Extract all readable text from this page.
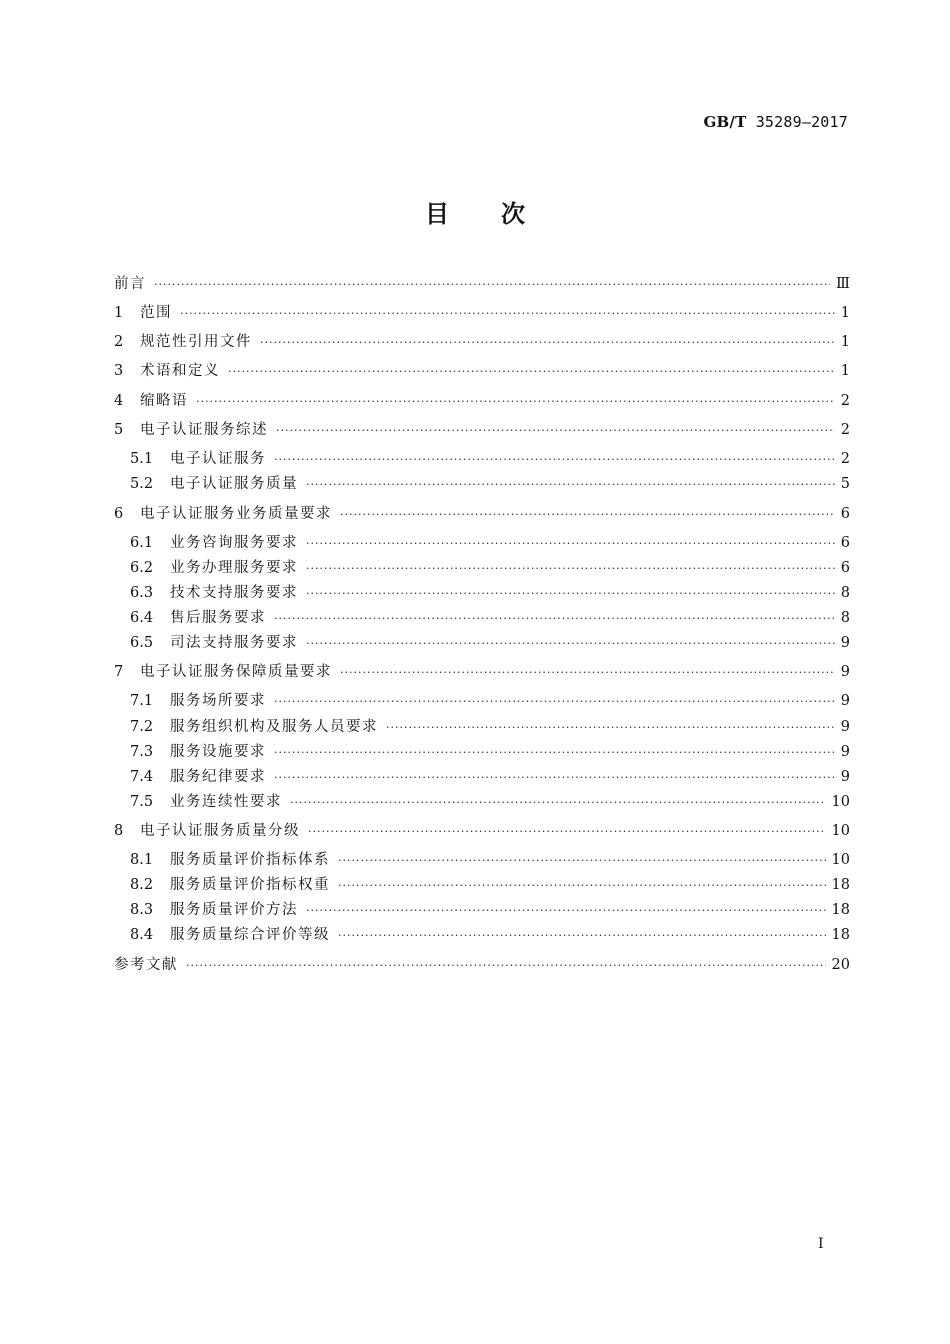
GB/T 35289—2017
目次
前言 ·····	Ⅲ
1	范围 ·····	1
2	规范性引用文件 ·····	1
3	术语和定义 ·····	1
4	缩略语 ·····	2
5	电子认证服务综述 ·····	2
5.1	电子认证服务 ·····	2
5.2	电子认证服务质量 ·····	5
6	电子认证服务业务质量要求 ·····	6
6.1	业务咨询服务要求 ·····	6
6.2	业务办理服务要求 ·····	6
6.3	技术支持服务要求 ·····	8
6.4	售后服务要求 ·····	8
6.5	司法支持服务要求 ·····	9
7	电子认证服务保障质量要求 ·····	9
7.1	服务场所要求 ·····	9
7.2	服务组织机构及服务人员要求 ·····	9
7.3	服务设施要求 ·····	9
7.4	服务纪律要求 ·····	9
7.5	业务连续性要求 ·····	10
8	电子认证服务质量分级 ·····	10
8.1	服务质量评价指标体系 ·····	10
8.2	服务质量评价指标权重 ·····	18
8.3	服务质量评价方法 ·····	18
8.4	服务质量综合评价等级 ·····	18
参考文献 ·····	20
I
